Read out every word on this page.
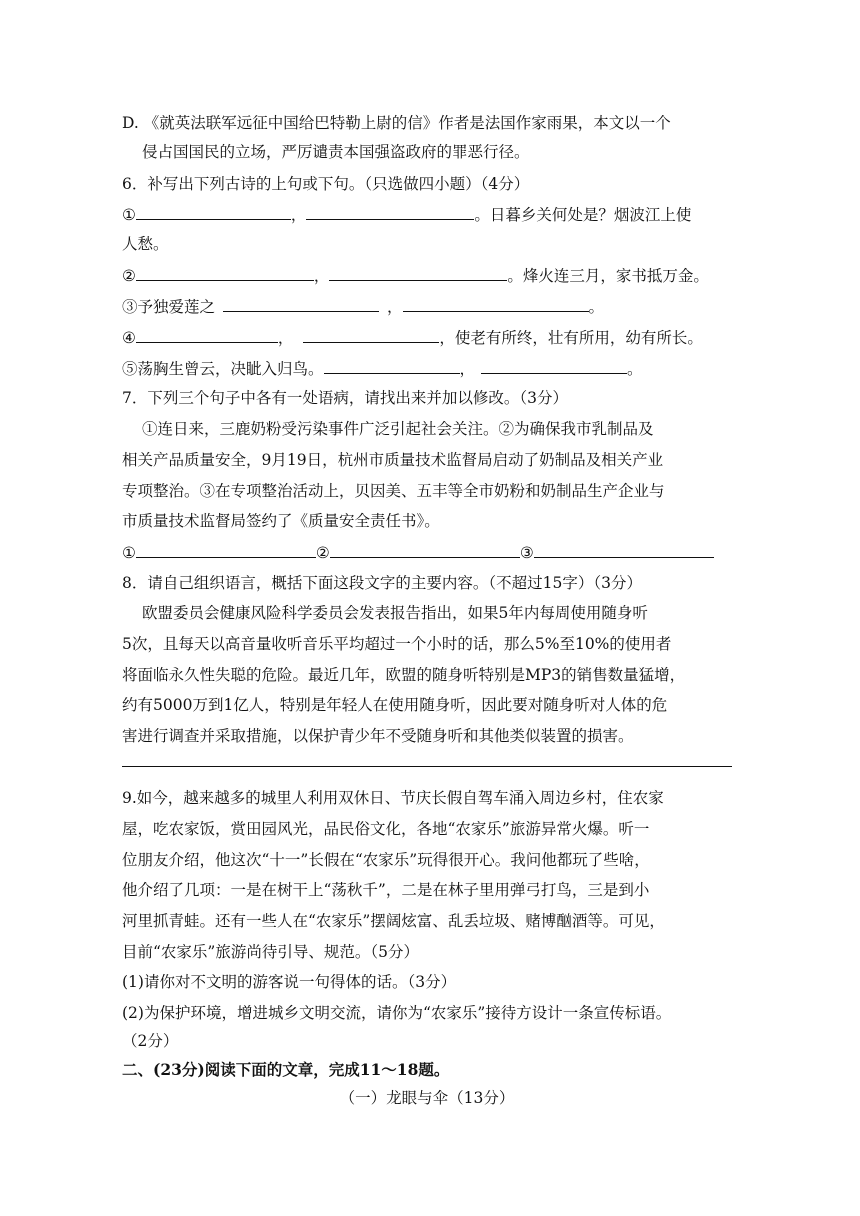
D. 《就英法联军远征中国给巴特勒上尉的信》作者是法国作家雨果，本文以一个
侵占国国民的立场，严厉谴责本国强盗政府的罪恶行径。
6．补写出下列古诗的上句或下句。（只选做四小题）（4分）
①	，	。日暮乡关何处是？烟波江上使
人愁。
②	，	。烽火连三月，家书抵万金。
③予独爱莲之	，	。
④	，	，使老有所终，壮有所用，幼有所长。
⑤荡胸生曾云，决眦入归鸟。	，	。
7．下列三个句子中各有一处语病，请找出来并加以修改。（3分）
①连日来，三鹿奶粉受污染事件广泛引起社会关注。②为确保我市乳制品及
相关产品质量安全，9月19日，杭州市质量技术监督局启动了奶制品及相关产业
专项整治。③在专项整治活动上，贝因美、五丰等全市奶粉和奶制品生产企业与
市质量技术监督局签约了《质量安全责任书》。
①	②	③
8．请自己组织语言，概括下面这段文字的主要内容。（不超过15字）（3分）
欧盟委员会健康风险科学委员会发表报告指出，如果5年内每周使用随身听
5次，且每天以高音量收听音乐平均超过一个小时的话，那么5%至10%的使用者
将面临永久性失聪的危险。最近几年，欧盟的随身听特别是MP3的销售数量猛增，
约有5000万到1亿人，特别是年轻人在使用随身听，因此要对随身听对人体的危
害进行调查并采取措施，以保护青少年不受随身听和其他类似装置的损害。
9.如今，越来越多的城里人利用双休日、节庆长假自驾车涌入周边乡村，住农家
屋，吃农家饭，赏田园风光，品民俗文化，各地“农家乐”旅游异常火爆。听一
位朋友介绍，他这次“十一”长假在“农家乐”玩得很开心。我问他都玩了些啥，
他介绍了几项：一是在树干上“荡秋千”，二是在林子里用弹弓打鸟，三是到小
河里抓青蛙。还有一些人在“农家乐”摆阔炫富、乱丢垃圾、赌博酗酒等。可见，
目前“农家乐”旅游尚待引导、规范。（5分）
(1)请你对不文明的游客说一句得体的话。（3分）
(2)为保护环境，增进城乡文明交流，请你为“农家乐”接待方设计一条宣传标语。
（2分）
二、(23分)阅读下面的文章，完成11～18题。
（一）龙眼与伞（13分）
